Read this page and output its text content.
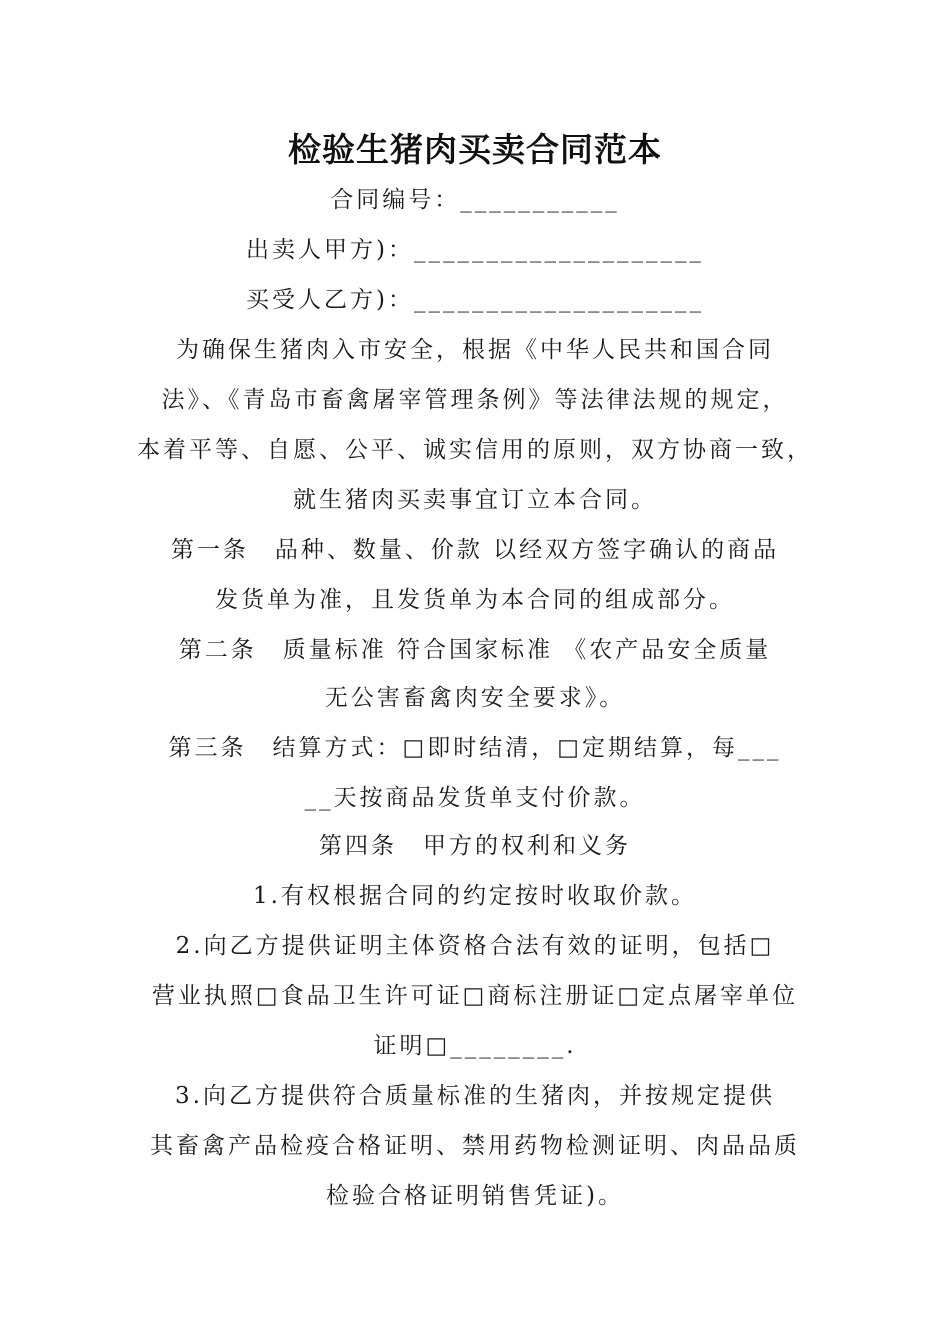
检验生猪肉买卖合同范本

合同编号：___________

出卖人甲方)：____________________

买受人乙方)：____________________

为确保生猪肉入市安全，根据《中华人民共和国合同

法》、《青岛市畜禽屠宰管理条例》等法律法规的规定，

本着平等、自愿、公平、诚实信用的原则，双方协商一致，

就生猪肉买卖事宜订立本合同。

第一条　品种、数量、价款 以经双方签字确认的商品

发货单为准，且发货单为本合同的组成部分。

第二条　质量标准 符合国家标准 《农产品安全质量

无公害畜禽肉安全要求》。

第三条　结算方式：□即时结清，□定期结算，每___

__天按商品发货单支付价款。

第四条　甲方的权利和义务

1.有权根据合同的约定按时收取价款。

2.向乙方提供证明主体资格合法有效的证明，包括□

营业执照□食品卫生许可证□商标注册证□定点屠宰单位

证明□________.

3.向乙方提供符合质量标准的生猪肉，并按规定提供

其畜禽产品检疫合格证明、禁用药物检测证明、肉品品质

检验合格证明销售凭证)。
